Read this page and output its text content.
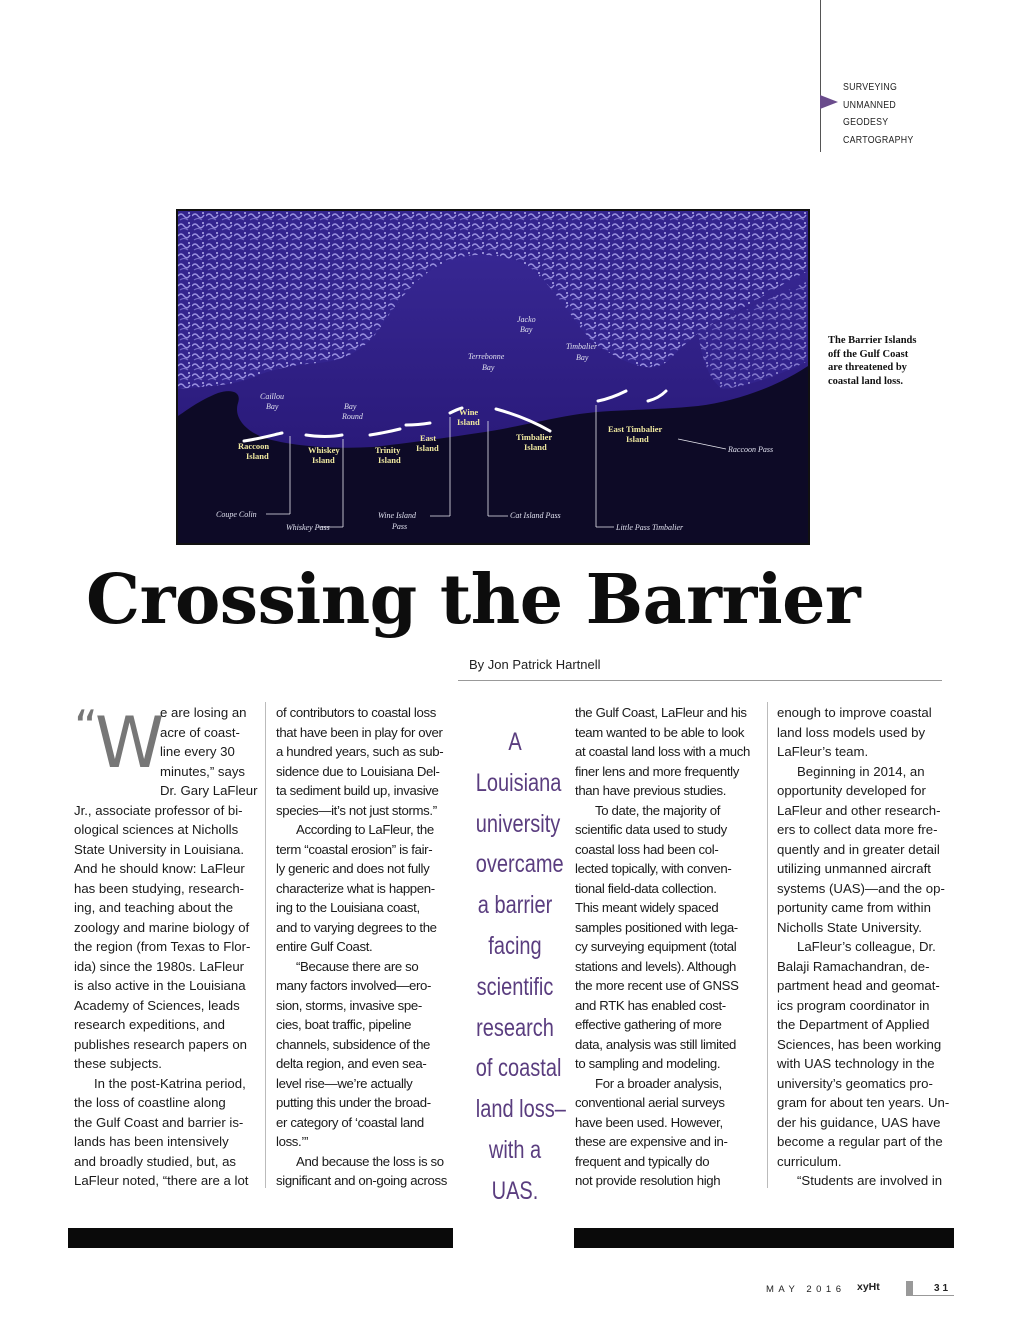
SURVEYING
UNMANNED
GEODESY
CARTOGRAPHY
Caillou
Bay	Bay
Round
Terrebonne
Bay
Jacko
Bay
Timbalier
Bay
Raccoon
Island
Whiskey
Island
Trinity
Island
East
Island
Wine
Island
Timbalier
Island
East Timbalier
Island
Coupe Colin
Whiskey Pass
Wine Island
Pass
Cat Island Pass
Little Pass Timbalier
Raccoon Pass
The Barrier Islands off the Gulf Coast are threatened by coastal land loss.
Crossing the Barrier
By Jon Patrick Hartnell
“W
e are losing an
acre of coast-
line every 30
minutes,” says
Dr. Gary LaFleur
Jr., associate professor of bi-
ological sciences at Nicholls
State University in Louisiana.
And he should know: LaFleur
has been studying, research-
ing, and teaching about the
zoology and marine biology of
the region (from Texas to Flor-
ida) since the 1980s. LaFleur
is also active in the Louisiana
Academy of Sciences, leads
research expeditions, and
publishes research papers on
these subjects.
In the post-Katrina period,
the loss of coastline along
the Gulf Coast and barrier is-
lands has been intensively
and broadly studied, but, as
LaFleur noted, “there are a lot
of contributors to coastal loss
that have been in play for over
a hundred years, such as sub-
sidence due to Louisiana Del-
ta sediment build up, invasive
species—it’s not just storms.”
According to LaFleur, the
term “coastal erosion” is fair-
ly generic and does not fully
characterize what is happen-
ing to the Louisiana coast,
and to varying degrees to the
entire Gulf Coast.
“Because there are so
many factors involved—ero-
sion, storms, invasive spe-
cies, boat traffic, pipeline
channels, subsidence of the
delta region, and even sea-
level rise—we’re actually
putting this under the broad-
er category of ‘coastal land
loss.’”
And because the loss is so
significant and on-going across
A
Louisiana
university
overcame
a barrier
facing
scientific
research
of coastal
land loss–
with a
UAS.
the Gulf Coast, LaFleur and his
team wanted to be able to look
at coastal land loss with a much
finer lens and more frequently
than have previous studies.
To date, the majority of
scientific data used to study
coastal loss had been col-
lected topically, with conven-
tional field-data collection.
This meant widely spaced
samples positioned with lega-
cy surveying equipment (total
stations and levels). Although
the more recent use of GNSS
and RTK has enabled cost-
effective gathering of more
data, analysis was still limited
to sampling and modeling.
For a broader analysis,
conventional aerial surveys
have been used. However,
these are expensive and in-
frequent and typically do
not provide resolution high
enough to improve coastal
land loss models used by
LaFleur’s team.
Beginning in 2014, an
opportunity developed for
LaFleur and other research-
ers to collect data more fre-
quently and in greater detail
utilizing unmanned aircraft
systems (UAS)—and the op-
portunity came from within
Nicholls State University.
LaFleur’s colleague, Dr.
Balaji Ramachandran, de-
partment head and geomat-
ics program coordinator in
the Department of Applied
Sciences, has been working
with UAS technology in the
university’s geomatics pro-
gram for about ten years. Un-
der his guidance, UAS have
become a regular part of the
curriculum.
“Students are involved in
MAY 2016 xyHt	31
